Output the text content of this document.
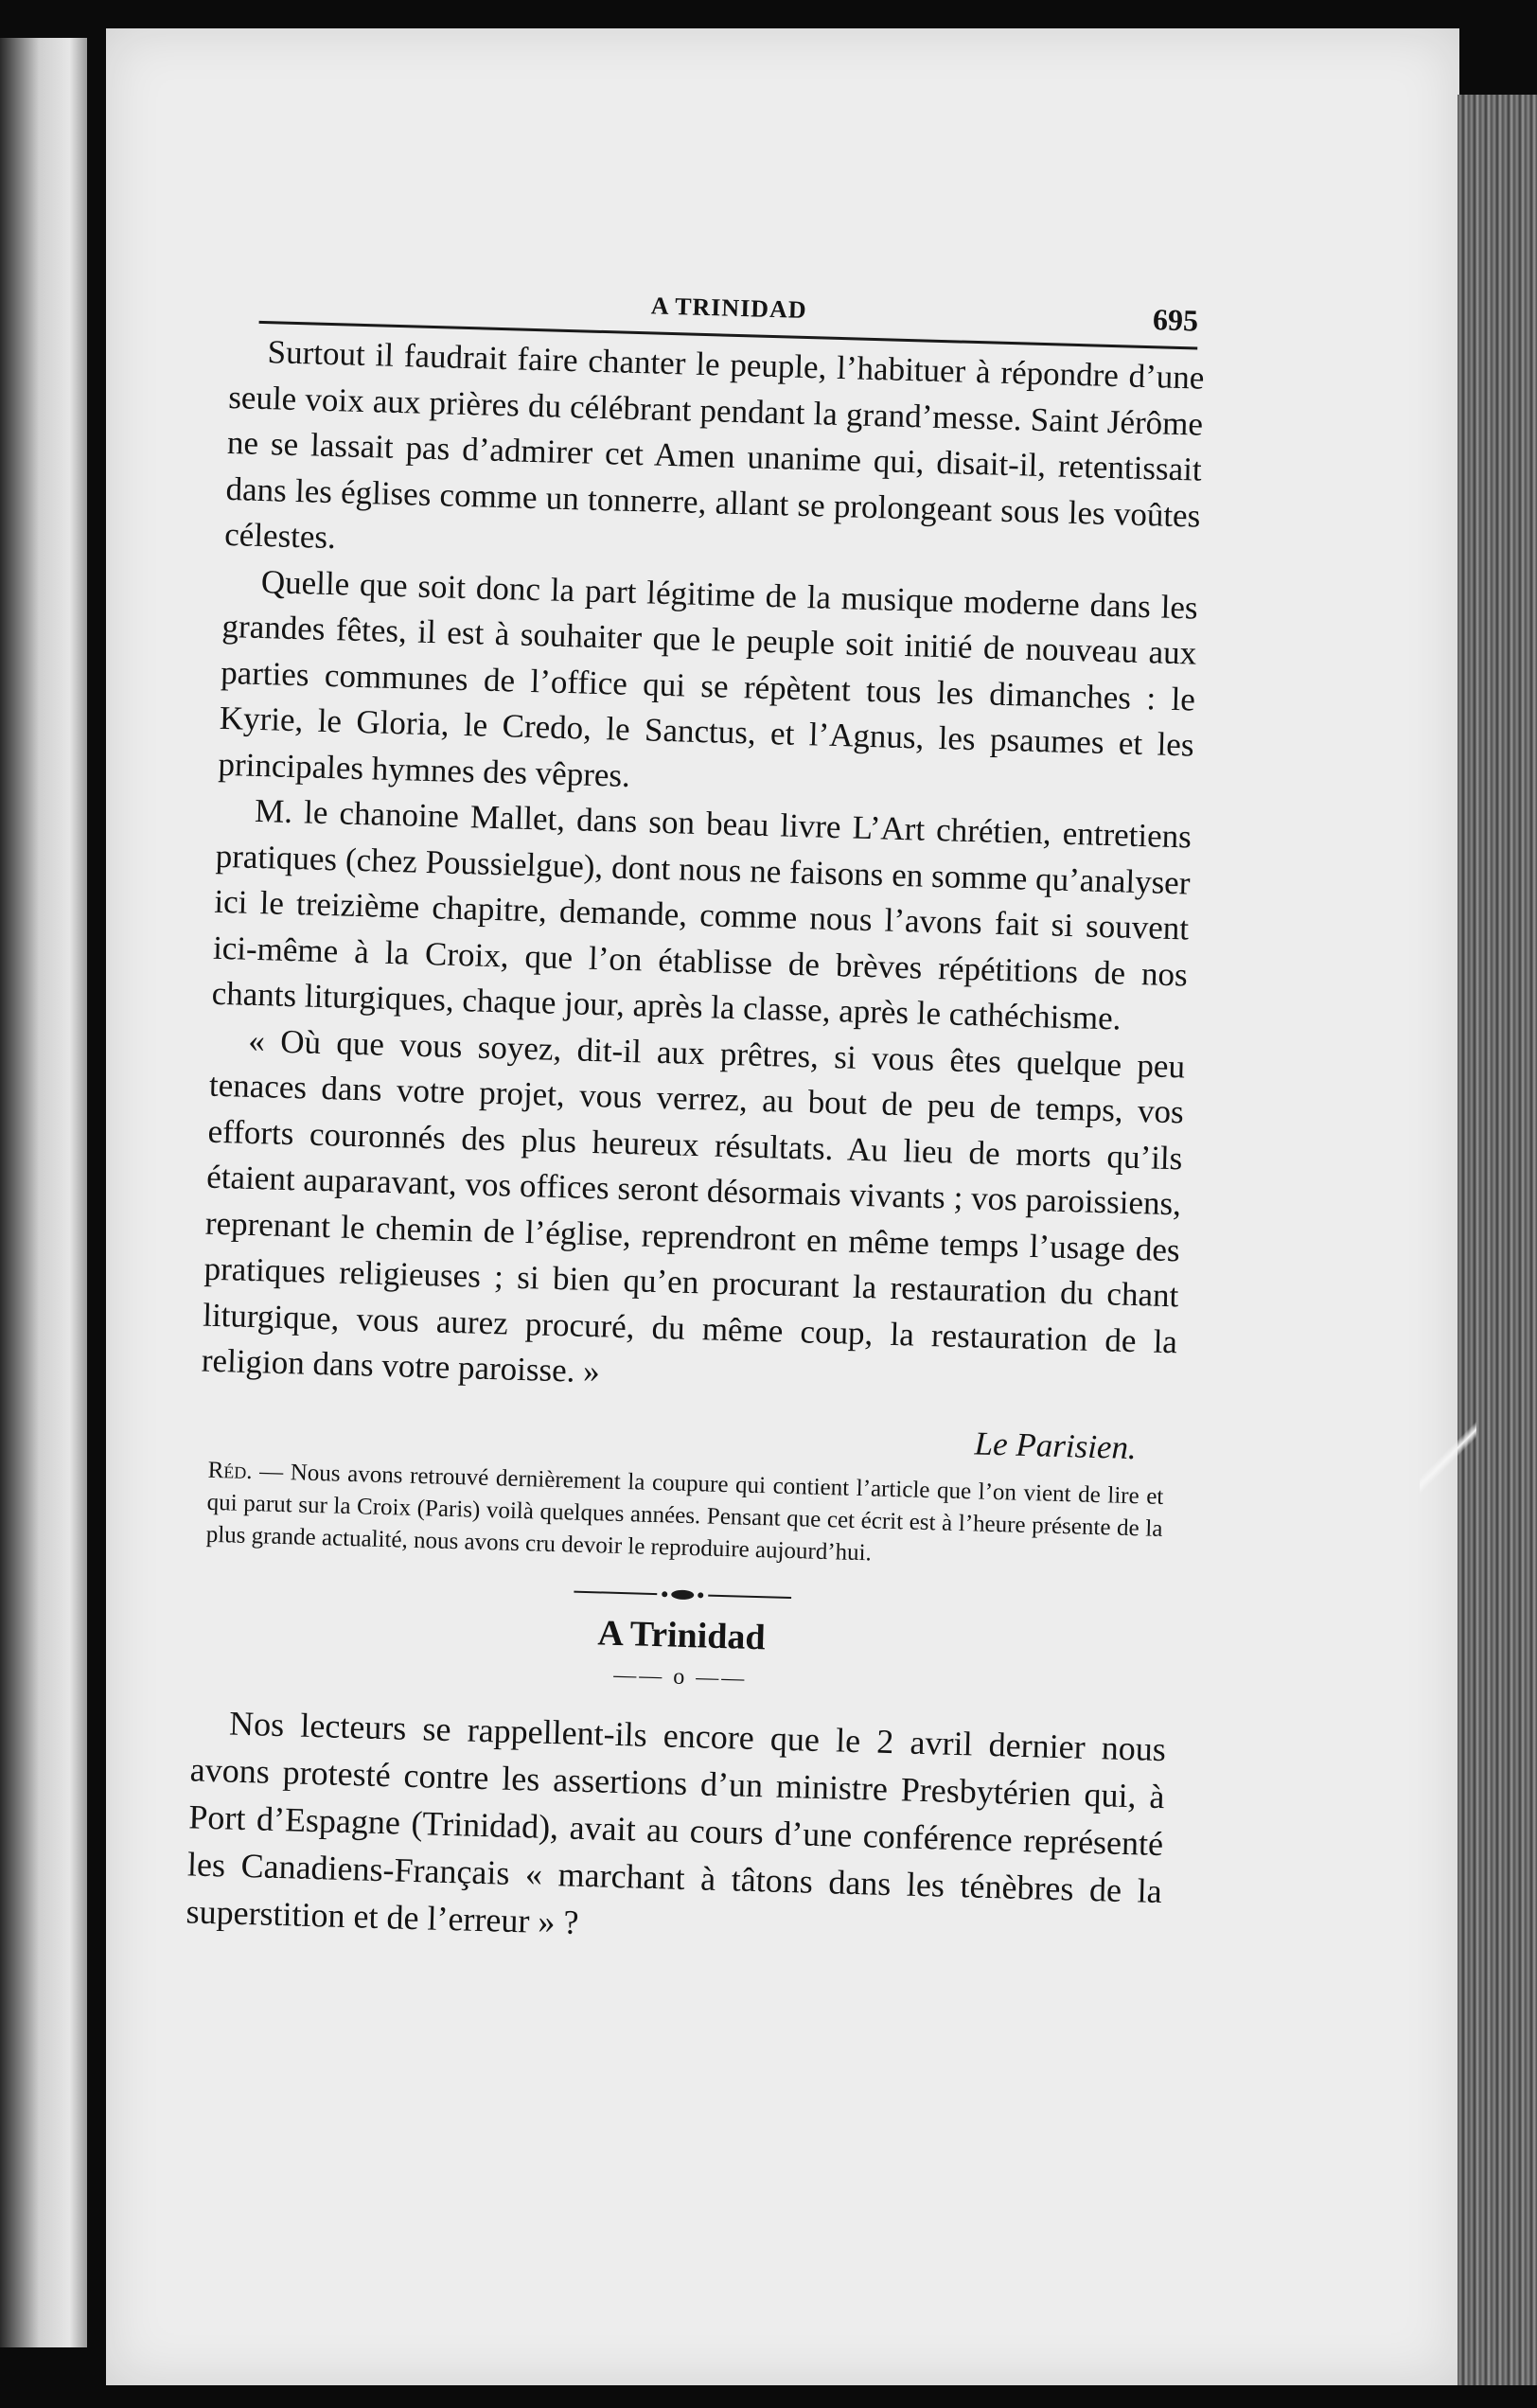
A TRINIDAD	695

Surtout il faudrait faire chanter le peuple, l’habituer à répondre d’une seule voix aux prières du célébrant pendant la grand’messe. Saint Jérôme ne se lassait pas d’admirer cet Amen unanime qui, disait-il, retentissait dans les églises comme un tonnerre, allant se prolongeant sous les voûtes célestes.

Quelle que soit donc la part légitime de la musique moderne dans les grandes fêtes, il est à souhaiter que le peuple soit initié de nouveau aux parties communes de l’office qui se répètent tous les dimanches : le Kyrie, le Gloria, le Credo, le Sanctus, et l’Agnus, les psaumes et les principales hymnes des vêpres.

M. le chanoine Mallet, dans son beau livre L’Art chrétien, entretiens pratiques (chez Poussielgue), dont nous ne faisons en somme qu’analyser ici le treizième chapitre, demande, comme nous l’avons fait si souvent ici-même à la Croix, que l’on établisse de brèves répétitions de nos chants liturgiques, chaque jour, après la classe, après le cathéchisme.

« Où que vous soyez, dit-il aux prêtres, si vous êtes quelque peu tenaces dans votre projet, vous verrez, au bout de peu de temps, vos efforts couronnés des plus heureux résultats. Au lieu de morts qu’ils étaient auparavant, vos offices seront désormais vivants ; vos paroissiens, reprenant le chemin de l’église, reprendront en même temps l’usage des pratiques religieuses ; si bien qu’en procurant la restauration du chant liturgique, vous aurez procuré, du même coup, la restauration de la religion dans votre paroisse. »

Le Parisien.
Réd. — Nous avons retrouvé dernièrement la coupure qui contient l’article que l’on vient de lire et qui parut sur la Croix (Paris) voilà quelques années. Pensant que cet écrit est à l’heure présente de la plus grande actualité, nous avons cru devoir le reproduire aujourd’hui.
A Trinidad
—— o ——

Nos lecteurs se rappellent-ils encore que le 2 avril dernier nous avons protesté contre les assertions d’un ministre Presbytérien qui, à Port d’Espagne (Trinidad), avait au cours d’une conférence représenté les Canadiens-Français « marchant à tâtons dans les ténèbres de la superstition et de l’erreur » ?
